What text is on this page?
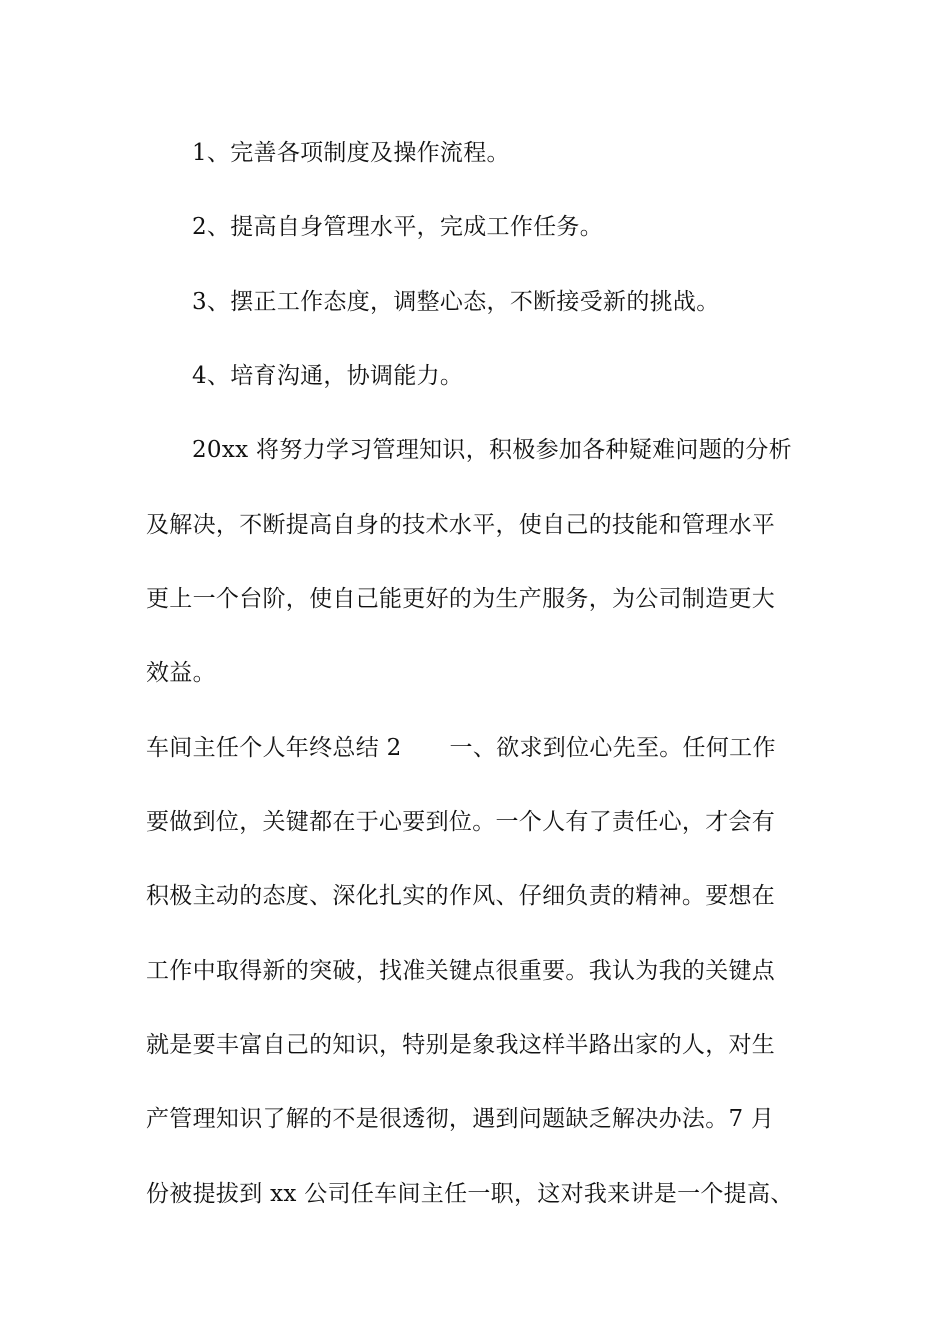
1、完善各项制度及操作流程。
2、提高自身管理水平，完成工作任务。
3、摆正工作态度，调整心态，不断接受新的挑战。
4、培育沟通，协调能力。
20xx 将努力学习管理知识，积极参加各种疑难问题的分析
及解决，不断提高自身的技术水平，使自己的技能和管理水平
更上一个台阶，使自己能更好的为生产服务，为公司制造更大
效益。
车间主任个人年终总结 2 一、欲求到位心先至。任何工作
要做到位，关键都在于心要到位。一个人有了责任心，才会有
积极主动的态度、深化扎实的作风、仔细负责的精神。要想在
工作中取得新的突破，找准关键点很重要。我认为我的关键点
就是要丰富自己的知识，特别是象我这样半路出家的人，对生
产管理知识了解的不是很透彻，遇到问题缺乏解决办法。7 月
份被提拔到 xx 公司任车间主任一职，这对我来讲是一个提高、
